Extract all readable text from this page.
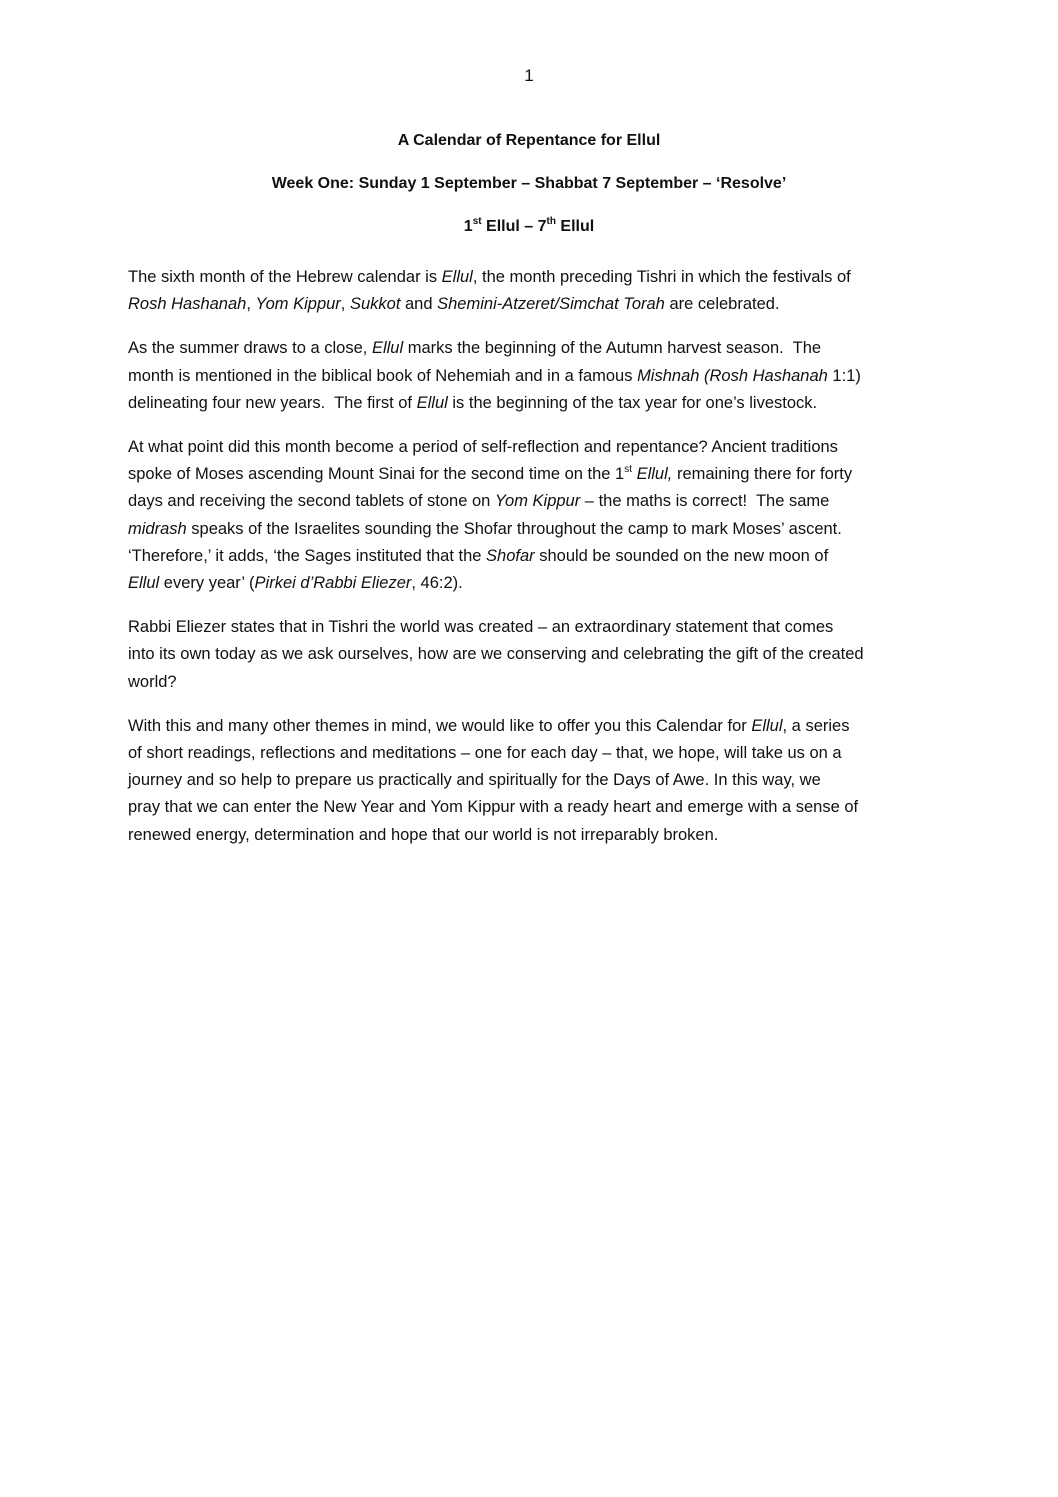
1
A Calendar of Repentance for Ellul
Week One: Sunday 1 September – Shabbat 7 September – ‘Resolve’
1st Ellul – 7th Ellul

The sixth month of the Hebrew calendar is Ellul, the month preceding Tishri in which the festivals of
Rosh Hashanah, Yom Kippur, Sukkot and Shemini-Atzeret/Simchat Torah are celebrated.

As the summer draws to a close, Ellul marks the beginning of the Autumn harvest season.  The
month is mentioned in the biblical book of Nehemiah and in a famous Mishnah (Rosh Hashanah 1:1)
delineating four new years.  The first of Ellul is the beginning of the tax year for one’s livestock.

At what point did this month become a period of self-reflection and repentance? Ancient traditions
spoke of Moses ascending Mount Sinai for the second time on the 1st Ellul, remaining there for forty
days and receiving the second tablets of stone on Yom Kippur – the maths is correct!  The same
midrash speaks of the Israelites sounding the Shofar throughout the camp to mark Moses’ ascent.
‘Therefore,’ it adds, ‘the Sages instituted that the Shofar should be sounded on the new moon of
Ellul every year’ (Pirkei d’Rabbi Eliezer, 46:2).

Rabbi Eliezer states that in Tishri the world was created – an extraordinary statement that comes
into its own today as we ask ourselves, how are we conserving and celebrating the gift of the created
world?

With this and many other themes in mind, we would like to offer you this Calendar for Ellul, a series
of short readings, reflections and meditations – one for each day – that, we hope, will take us on a
journey and so help to prepare us practically and spiritually for the Days of Awe. In this way, we
pray that we can enter the New Year and Yom Kippur with a ready heart and emerge with a sense of
renewed energy, determination and hope that our world is not irreparably broken.
